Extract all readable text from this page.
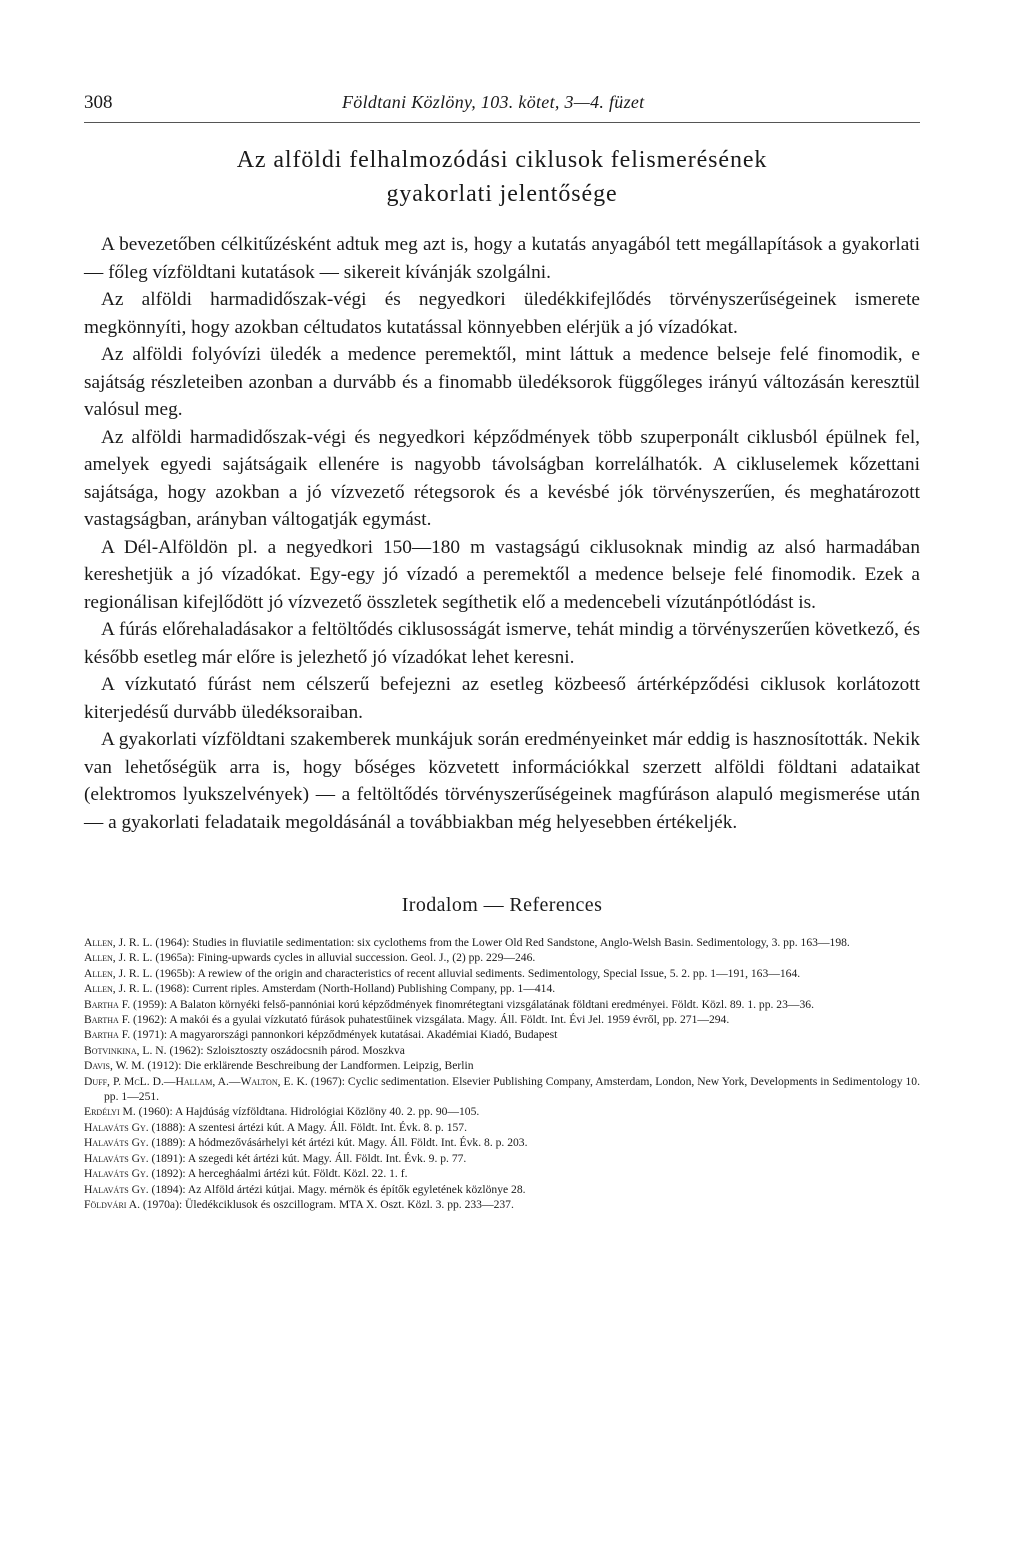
308	Földtani Közlöny, 103. kötet, 3—4. füzet
Az alföldi felhalmozódási ciklusok felismerésének
gyakorlati jelentősége

A bevezetőben célkitűzésként adtuk meg azt is, hogy a kutatás anyagából tett megállapítások a gyakorlati — főleg vízföldtani kutatások — sikereit kívánják szolgálni.

Az alföldi harmadidőszak-végi és negyedkori üledékkifejlődés törvényszerűségeinek ismerete megkönnyíti, hogy azokban céltudatos kutatással könnyebben elérjük a jó vízadókat.

Az alföldi folyóvízi üledék a medence peremektől, mint láttuk a medence belseje felé finomodik, e sajátság részleteiben azonban a durvább és a finomabb üledéksorok függőleges irányú változásán keresztül valósul meg.

Az alföldi harmadidőszak-végi és negyedkori képződmények több szuperponált ciklusból épülnek fel, amelyek egyedi sajátságaik ellenére is nagyobb távolságban korrelálhatók. A cikluselemek kőzettani sajátsága, hogy azokban a jó vízvezető rétegsorok és a kevésbé jók törvényszerűen, és meghatározott vastagságban, arányban váltogatják egymást.

A Dél-Alföldön pl. a negyedkori 150—180 m vastagságú ciklusoknak mindig az alsó harmadában kereshetjük a jó vízadókat. Egy-egy jó vízadó a peremektől a medence belseje felé finomodik. Ezek a regionálisan kifejlődött jó vízvezető összletek segíthetik elő a medencebeli vízutánpótlódást is.

A fúrás előrehaladásakor a feltöltődés ciklusosságát ismerve, tehát mindig a törvényszerűen következő, és később esetleg már előre is jelezhető jó vízadókat lehet keresni.

A vízkutató fúrást nem célszerű befejezni az esetleg közbeeső ártérképződési ciklusok korlátozott kiterjedésű durvább üledéksoraiban.

A gyakorlati vízföldtani szakemberek munkájuk során eredményeinket már eddig is hasznosították. Nekik van lehetőségük arra is, hogy bőséges közvetett információkkal szerzett alföldi földtani adataikat (elektromos lyukszelvények) — a feltöltődés törvényszerűségeinek magfúráson alapuló megismerése után — a gyakorlati feladataik megoldásánál a továbbiakban még helyesebben értékeljék.

Irodalom — References
Allen, J. R. L. (1964): Studies in fluviatile sedimentation: six cyclothems from the Lower Old Red Sandstone, Anglo-Welsh Basin. Sedimentology, 3. pp. 163—198.
Allen, J. R. L. (1965a): Fining-upwards cycles in alluvial succession. Geol. J., (2) pp. 229—246.
Allen, J. R. L. (1965b): A rewiew of the origin and characteristics of recent alluvial sediments. Sedimentology, Special Issue, 5. 2. pp. 1—191, 163—164.
Allen, J. R. L. (1968): Current riples. Amsterdam (North-Holland) Publishing Company, pp. 1—414.
Bartha F. (1959): A Balaton környéki felső-pannóniai korú képződmények finomrétegtani vizsgálatának földtani eredményei. Földt. Közl. 89. 1. pp. 23—36.
Bartha F. (1962): A makói és a gyulai vízkutató fúrások puhatestűinek vizsgálata. Magy. Áll. Földt. Int. Évi Jel. 1959 évről, pp. 271—294.
Bartha F. (1971): A magyarországi pannonkori képződmények kutatásai. Akadémiai Kiadó, Budapest
Botvinkina, L. N. (1962): Szloisztoszty oszádocsnih párod. Moszkva
Davis, W. M. (1912): Die erklärende Beschreibung der Landformen. Leipzig, Berlin
Duff, P. McL. D.—Hallam, A.—Walton, E. K. (1967): Cyclic sedimentation. Elsevier Publishing Company, Amsterdam, London, New York, Developments in Sedimentology 10. pp. 1—251.
Erdélyi M. (1960): A Hajdúság vízföldtana. Hidrológiai Közlöny 40. 2. pp. 90—105.
Halaváts Gy. (1888): A szentesi ártézi kút. A Magy. Áll. Földt. Int. Évk. 8. p. 157.
Halaváts Gy. (1889): A hódmezővásárhelyi két ártézi kút. Magy. Áll. Földt. Int. Évk. 8. p. 203.
Halaváts Gy. (1891): A szegedi két ártézi kút. Magy. Áll. Földt. Int. Évk. 9. p. 77.
Halaváts Gy. (1892): A hercegháalmi ártézi kút. Földt. Közl. 22. 1. f.
Halaváts Gy. (1894): Az Alföld ártézi kútjai. Magy. mérnök és építők egyletének közlönye 28.
Földvári A. (1970a): Üledékciklusok és oszcillogram. MTA X. Oszt. Közl. 3. pp. 233—237.
